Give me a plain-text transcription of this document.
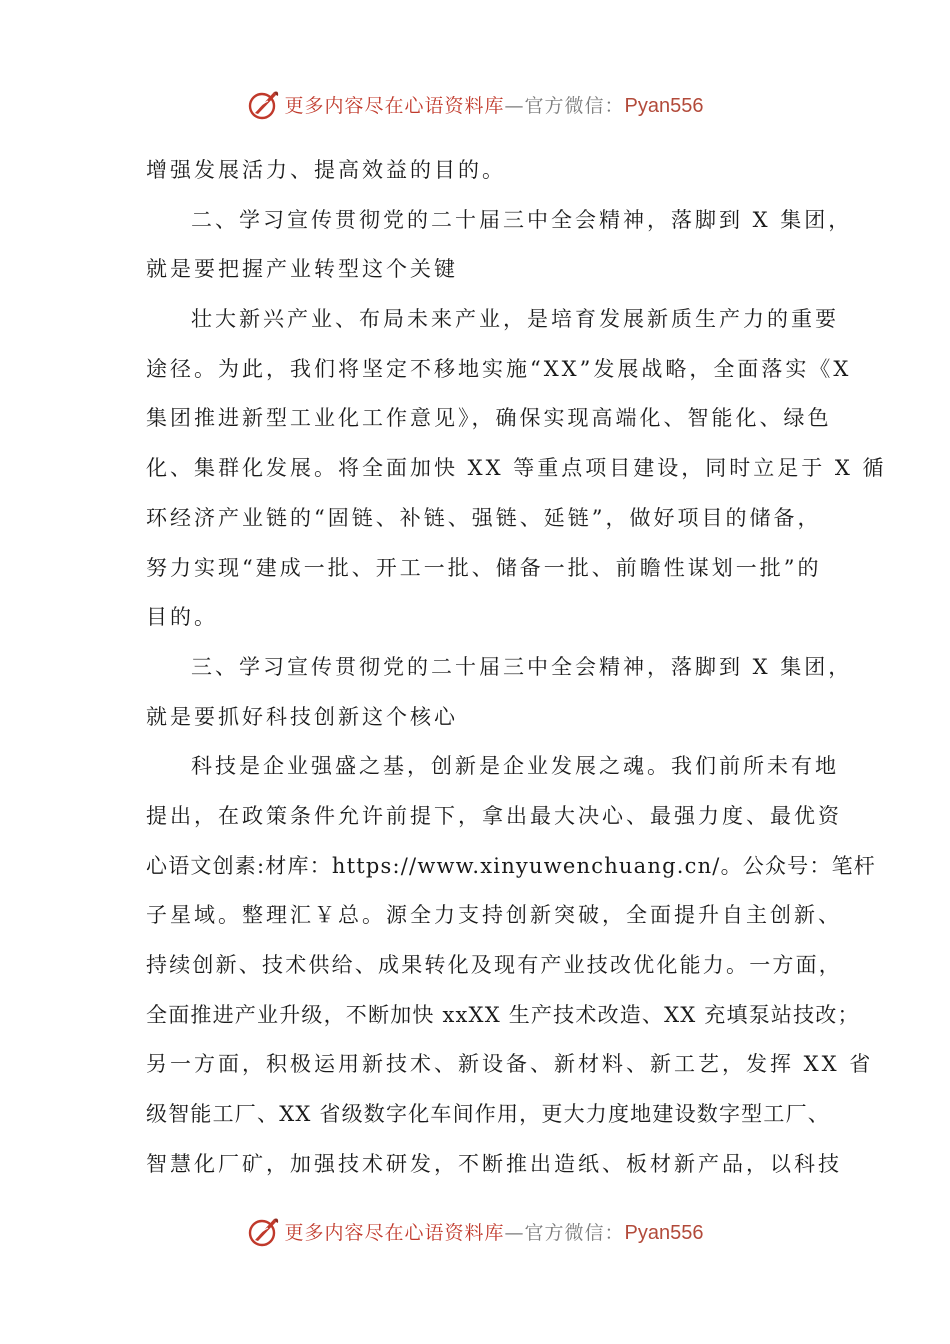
更多内容尽在心语资料库—官方微信：Pyan556
增强发展活力、提高效益的目的。
二、学习宣传贯彻党的二十届三中全会精神，落脚到 X 集团，
就是要把握产业转型这个关键
壮大新兴产业、布局未来产业，是培育发展新质生产力的重要
途径。为此，我们将坚定不移地实施“XX”发展战略，全面落实《X
集团推进新型工业化工作意见》，确保实现高端化、智能化、绿色
化、集群化发展。将全面加快 XX 等重点项目建设，同时立足于 X 循
环经济产业链的“固链、补链、强链、延链”，做好项目的储备，
努力实现“建成一批、开工一批、储备一批、前瞻性谋划一批”的
目的。
三、学习宣传贯彻党的二十届三中全会精神，落脚到 X 集团，
就是要抓好科技创新这个核心
科技是企业强盛之基，创新是企业发展之魂。我们前所未有地
提出，在政策条件允许前提下，拿出最大决心、最强力度、最优资
心语文创素:材库：https://www.xinyuwenchuang.cn/。公众号：笔杆
子星域。整理汇￥总。源全力支持创新突破，全面提升自主创新、
持续创新、技术供给、成果转化及现有产业技改优化能力。一方面，
全面推进产业升级，不断加快 xxXX 生产技术改造、XX 充填泵站技改；
另一方面，积极运用新技术、新设备、新材料、新工艺，发挥 XX 省
级智能工厂、XX 省级数字化车间作用，更大力度地建设数字型工厂、
智慧化厂矿，加强技术研发，不断推出造纸、板材新产品，以科技
更多内容尽在心语资料库—官方微信：Pyan556
